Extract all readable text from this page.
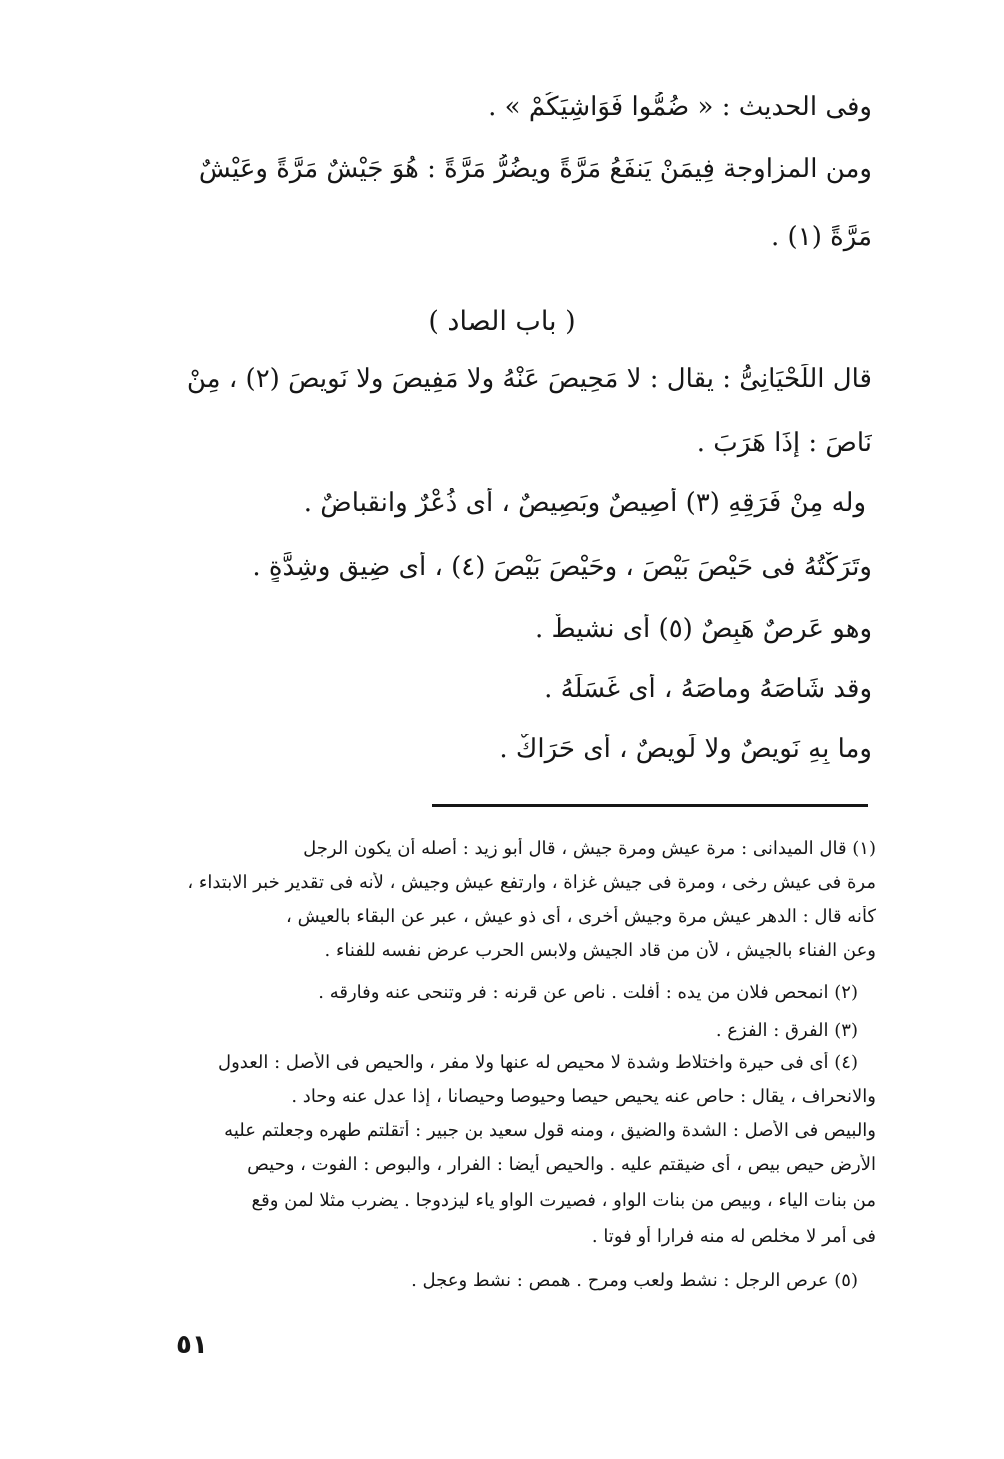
وفى الحديث : « ضُمُّوا فَوَاشِيَكُمْ » .
ومن المزاوجة فِيمَنْ يَنفَعُ مَرَّةً ويضُرُّ مَرَّةً : هُوَ جَيْشٌ مَرَّةً وعَيْشٌ
مَرَّةً (١) .
( باب الصاد )
قال اللِّحْيَانِىُّ : يقال : لا مَحِيصَ عَنْهُ ولا مَفِيصَ ولا نَوِيصَ (٢) ، مِنْ
نَاصَ : إذَا هَرَبَ .
وله مِنْ فَرَقِهِ (٣) أَصِيصٌ وبَصِيصٌ ، أى ذُعْرٌ وانقباضٌ .
وتَرَكْتُهُ فى حَيْصَ بَيْصَ ، وحَيْصَ بَيْصَ (٤) ، أى ضِيقٍ وشِدَّةٍ .
وهو عَرِصٌ هَبِصٌ (٥) أى نشيطٌ .
وقد شَاصَهُ وماصَهُ ، أى غَسَلَهُ .
وما بِهِ نَوِيصٌ ولا لَوِيصٌ ، أى حَرَاكٌ .
(١) قال الميدانى : مرة عيش ومرة جيش ، قال أبو زيد : أصله أن يكون الرجل
مرة فى عيش رخى ، ومرة فى جيش غزاة ، وارتفع عيش وجيش ، لأنه فى تقدير خبر الابتداء ،
كأنه قال : الدهر عيش مرة وجيش أخرى ، أى ذو عيش ، عبر عن البقاء بالعيش ،
وعن الفناء بالجيش ، لأن من قاد الجيش ولابس الحرب عرض نفسه للفناء .
(٢) انمحص فلان من يده : أفلت . ناص عن قرنه : فر وتنحى عنه وفارقه .
(٣) الفرق : الفزع .
(٤) أى فى حيرة واختلاط وشدة لا محيص له عنها ولا مفر ، والحيص فى الأصل : العدول
والانحراف ، يقال : حاص عنه يحيص حيصا وحيوصا وحيصانا ، إذا عدل عنه وحاد .
والبيص فى الأصل : الشدة والضيق ، ومنه قول سعيد بن جبير : أتقلتم طهره وجعلتم عليه
الأرض حيص بيص ، أى ضيقتم عليه . والحيص أيضا : الفرار ، والبوص : الفوت ، وحيص
من بنات الياء ، وبيص من بنات الواو ، فصيرت الواو ياء ليزدوجا . يضرب مثلا لمن وقع
فى أمر لا مخلص له منه فرارا أو فوتا .
(٥) عرص الرجل : نشط ولعب ومرح . همص : نشط وعجل .
٥١
